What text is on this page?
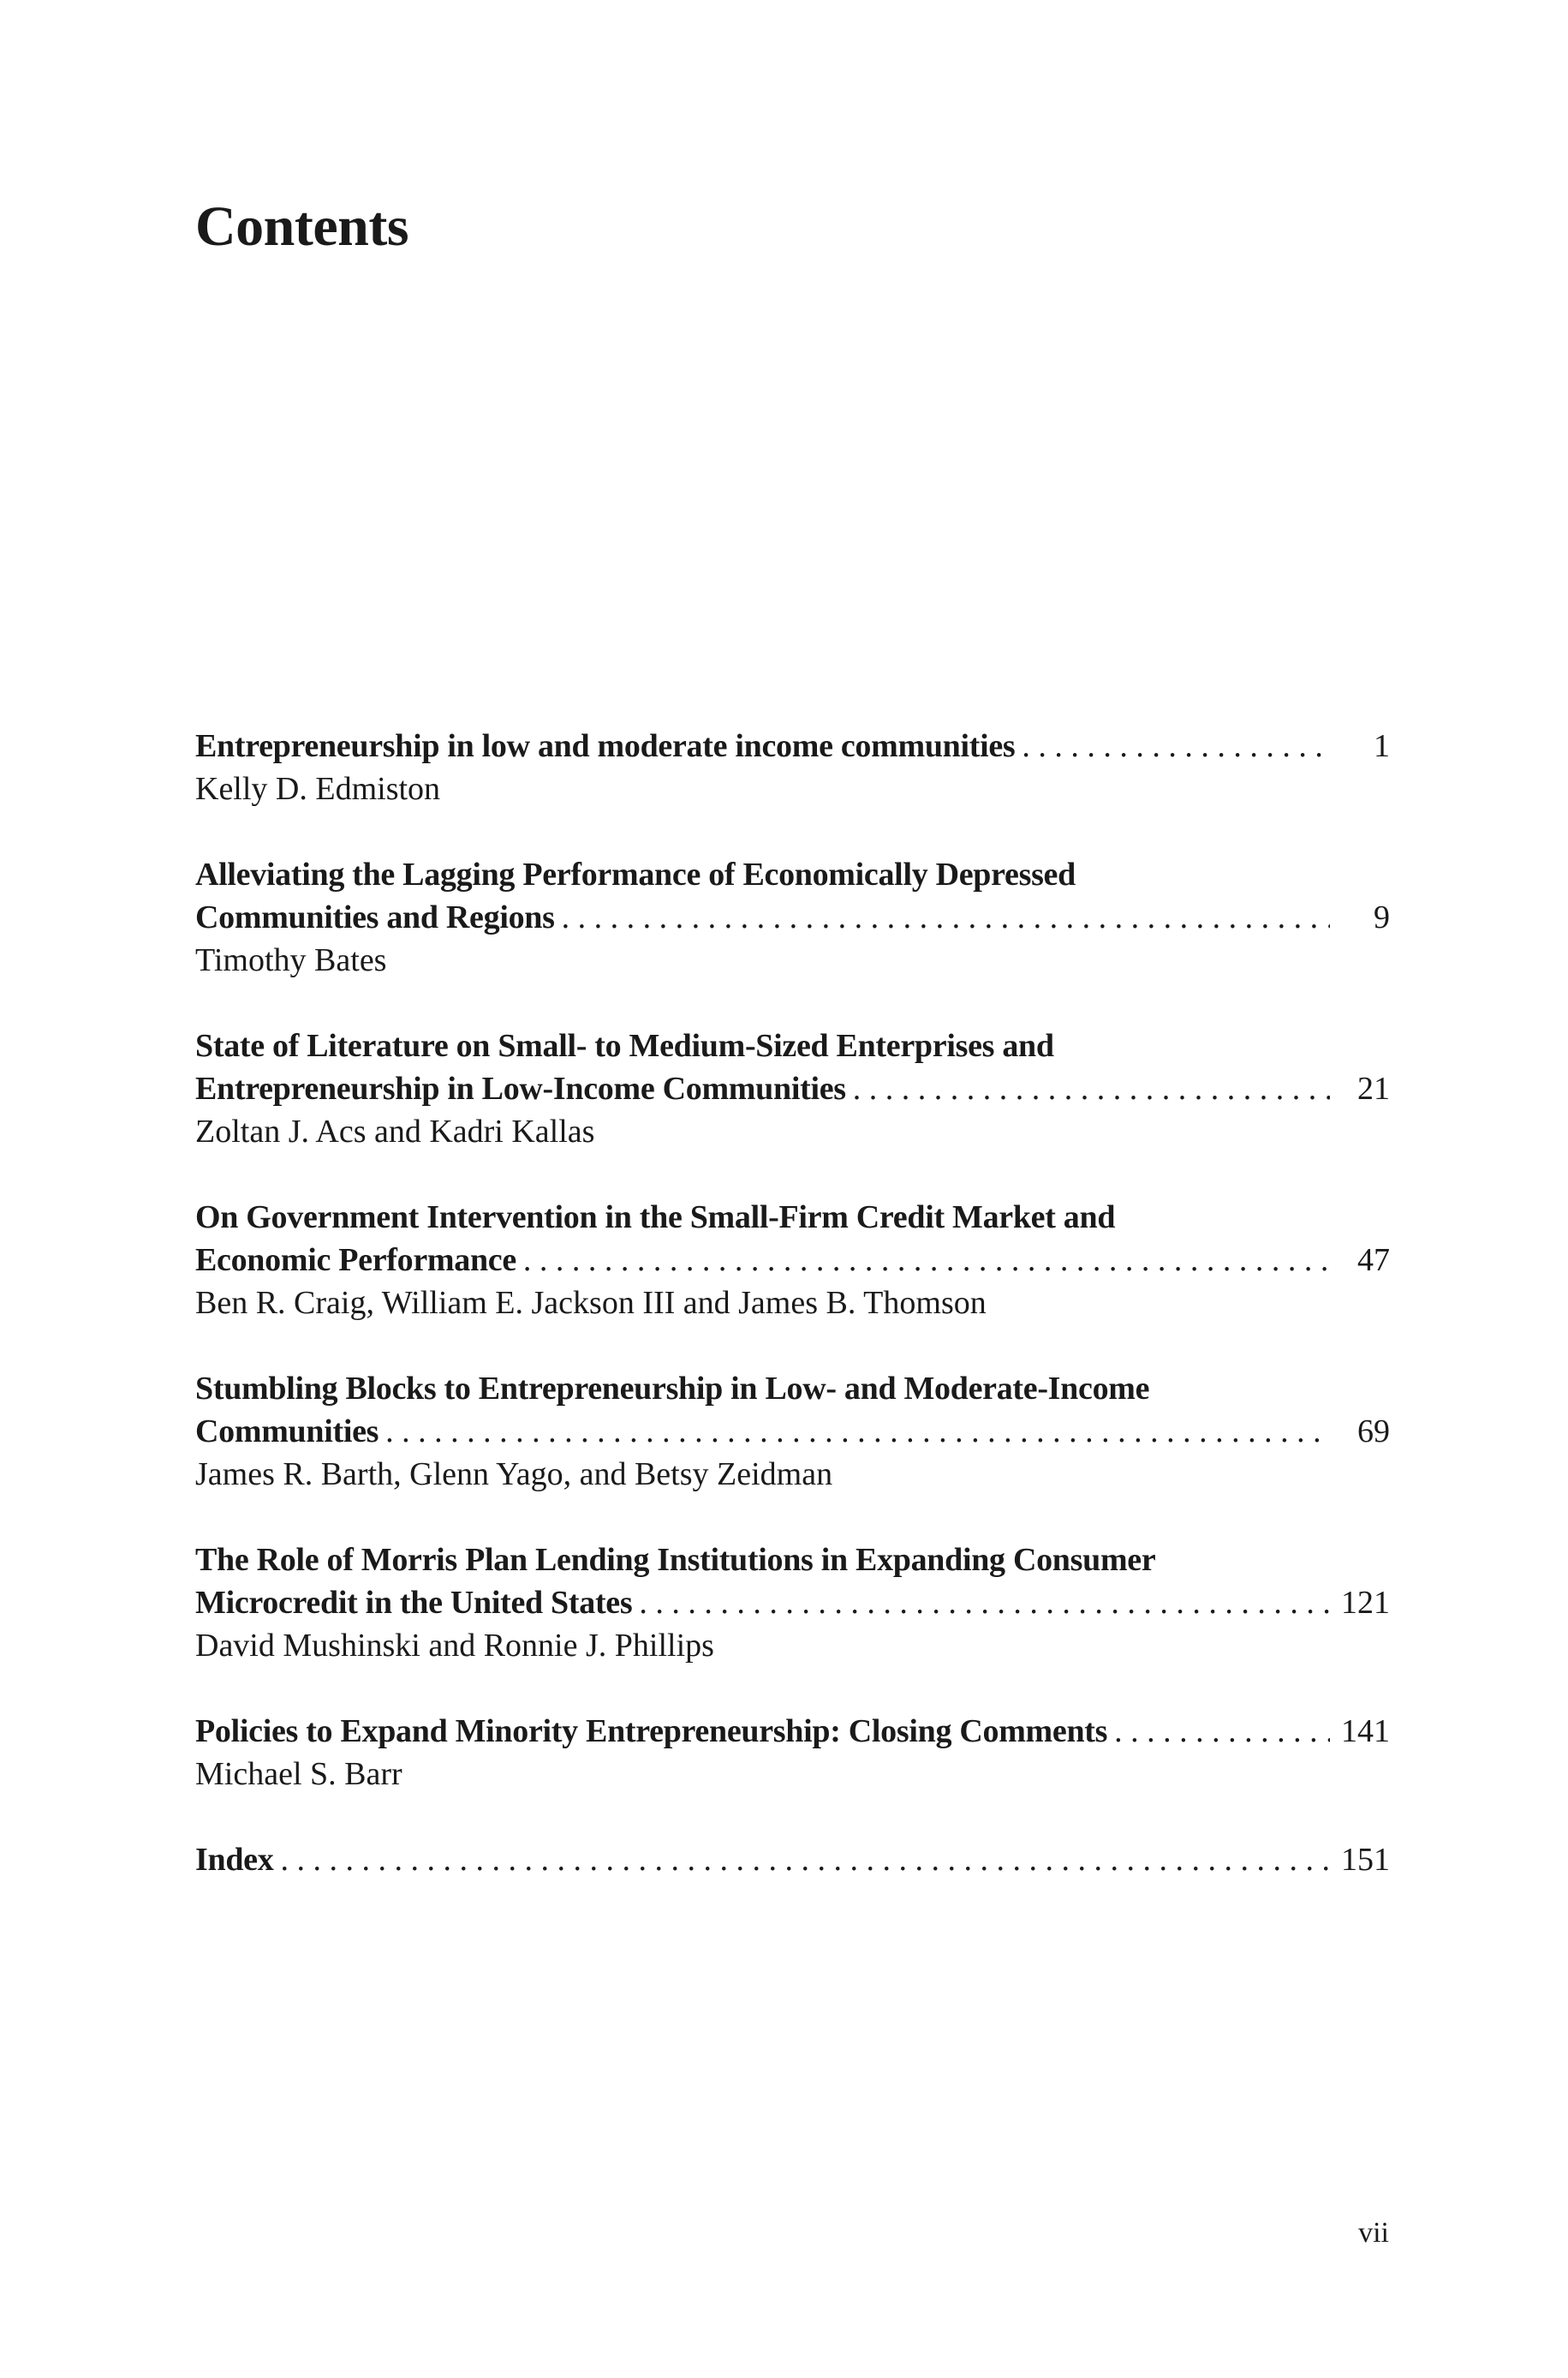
Contents
Entrepreneurship in low and moderate income communities . . .	1
Kelly D. Edmiston
Alleviating the Lagging Performance of Economically Depressed
Communities and Regions . . .	9
Timothy Bates
State of Literature on Small- to Medium-Sized Enterprises and
Entrepreneurship in Low-Income Communities . . .	21
Zoltan J. Acs and Kadri Kallas
On Government Intervention in the Small-Firm Credit Market and
Economic Performance . . .	47
Ben R. Craig, William E. Jackson III and James B. Thomson
Stumbling Blocks to Entrepreneurship in Low- and Moderate-Income
Communities . . .	69
James R. Barth, Glenn Yago, and Betsy Zeidman
The Role of Morris Plan Lending Institutions in Expanding Consumer
Microcredit in the United States . . .	121
David Mushinski and Ronnie J. Phillips
Policies to Expand Minority Entrepreneurship: Closing Comments . . .	141
Michael S. Barr
Index . . .	151
vii
